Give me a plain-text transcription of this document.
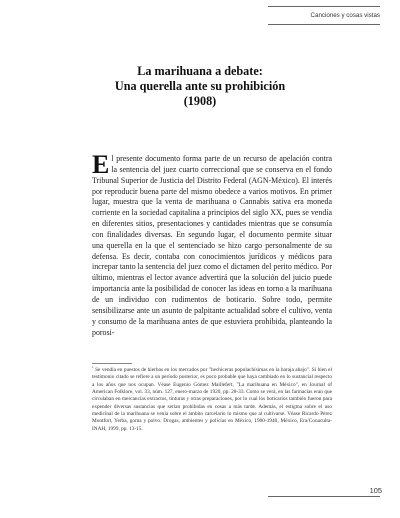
Canciones y cosas vistas
La marihuana a debate:
Una querella ante su prohibición
(1908)
El presente documento forma parte de un recurso de apelación contra la sentencia del juez cuarto correccional que se conserva en el fondo Tribunal Superior de Justicia del Distrito Federal (AGN-México). El interés por reproducir buena parte del mismo obedece a varios motivos. En primer lugar, muestra que la venta de marihuana o Cannabis sativa era moneda corriente en la sociedad capitalina a principios del siglo XX, pues se vendía en diferentes sitios, presentaciones y cantidades mientras que se consumía con finalidades diversas. En segundo lugar, el documento permite situar una querella en la que el sentenciado se hizo cargo personalmente de su defensa. Es decir, contaba con conocimientos jurídicos y médicos para increpar tanto la sentencia del juez como el dictamen del perito médico. Por último, mientras el lector avance advertirá que la solución del juicio puede importancia ante la posibilidad de conocer las ideas en torno a la marihuana de un individuo con rudimentos de boticario. Sobre todo, permite sensibilizarse ante un asunto de palpitante actualidad sobre el cultivo, venta y consumo de la marihuana antes de que estuviera prohibida, planteando la porosi-
$^1$ Se vendía en puestos de hierbas en los mercados por "hechiceras populachísimas en la baraja abajo". Si bien el testimonio citado se refiere a un período posterior, es poco probable que haya cambiado en lo sustancial respecto a los años que nos ocupan. Véase Eugenio Gómez Maillefert, "La marihuana en México", en Journal of American Folklore, vol. 33, núm. 127, enero-marzo de 1920, pp. 28-33. Como se verá, en las farmacias eran que circulaban en mercancías extractos, tinturas y otras preparaciones, por lo cual los boticarios también fueron para expender diversas sustancias que serían prohibidas en cosas a más tarde. Además, el estigma sobre el uso medicinal de la marihuana se venía sobre el ámbito carcelario lo mismo que al cultivarse. Véase Ricardo Pérez Montfort, Yerba, goma y polvo. Drogas, ambientes y policías en México, 1900-1940, México, Era/Conaculta-INAH, 1999, pp. 13-15.
105
